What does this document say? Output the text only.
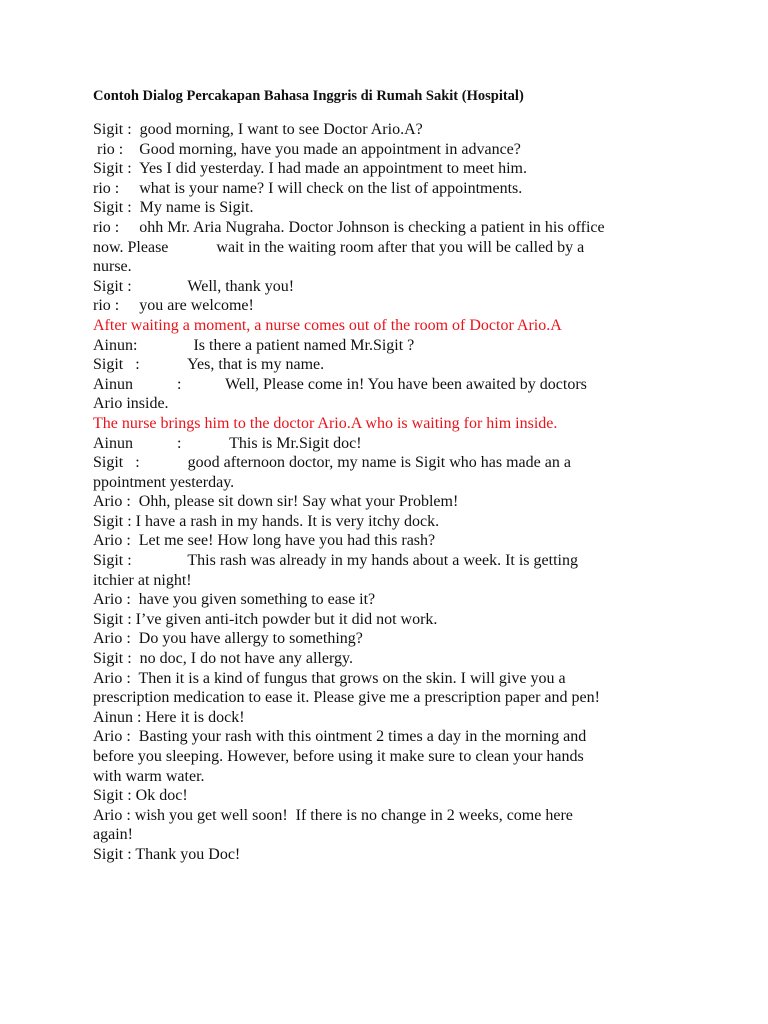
Contoh Dialog Percakapan Bahasa Inggris di Rumah Sakit (Hospital)
Sigit :  good morning, I want to see Doctor Ario.A?
rio :    Good morning, have you made an appointment in advance?
Sigit :  Yes I did yesterday. I had made an appointment to meet him.
rio :     what is your name? I will check on the list of appointments.
Sigit :  My name is Sigit.
rio :     ohh Mr. Aria Nugraha. Doctor Johnson is checking a patient in his office
now. Please            wait in the waiting room after that you will be called by a
nurse.
Sigit :              Well, thank you!
rio :     you are welcome!
After waiting a moment, a nurse comes out of the room of Doctor Ario.A
Ainun:              Is there a patient named Mr.Sigit ?
Sigit   :            Yes, that is my name.
Ainun           :           Well, Please come in! You have been awaited by doctors
Ario inside.
The nurse brings him to the doctor Ario.A who is waiting for him inside.
Ainun           :            This is Mr.Sigit doc!
Sigit   :            good afternoon doctor, my name is Sigit who has made an a
ppointment yesterday.
Ario :  Ohh, please sit down sir! Say what your Problem!
Sigit : I have a rash in my hands. It is very itchy dock.
Ario :  Let me see! How long have you had this rash?
Sigit :              This rash was already in my hands about a week. It is getting
itchier at night!
Ario :  have you given something to ease it?
Sigit : I’ve given anti-itch powder but it did not work.
Ario :  Do you have allergy to something?
Sigit :  no doc, I do not have any allergy.
Ario :  Then it is a kind of fungus that grows on the skin. I will give you a
prescription medication to ease it. Please give me a prescription paper and pen!
Ainun : Here it is dock!
Ario :  Basting your rash with this ointment 2 times a day in the morning and
before you sleeping. However, before using it make sure to clean your hands
with warm water.
Sigit : Ok doc!
Ario : wish you get well soon!  If there is no change in 2 weeks, come here
again!
Sigit : Thank you Doc!
